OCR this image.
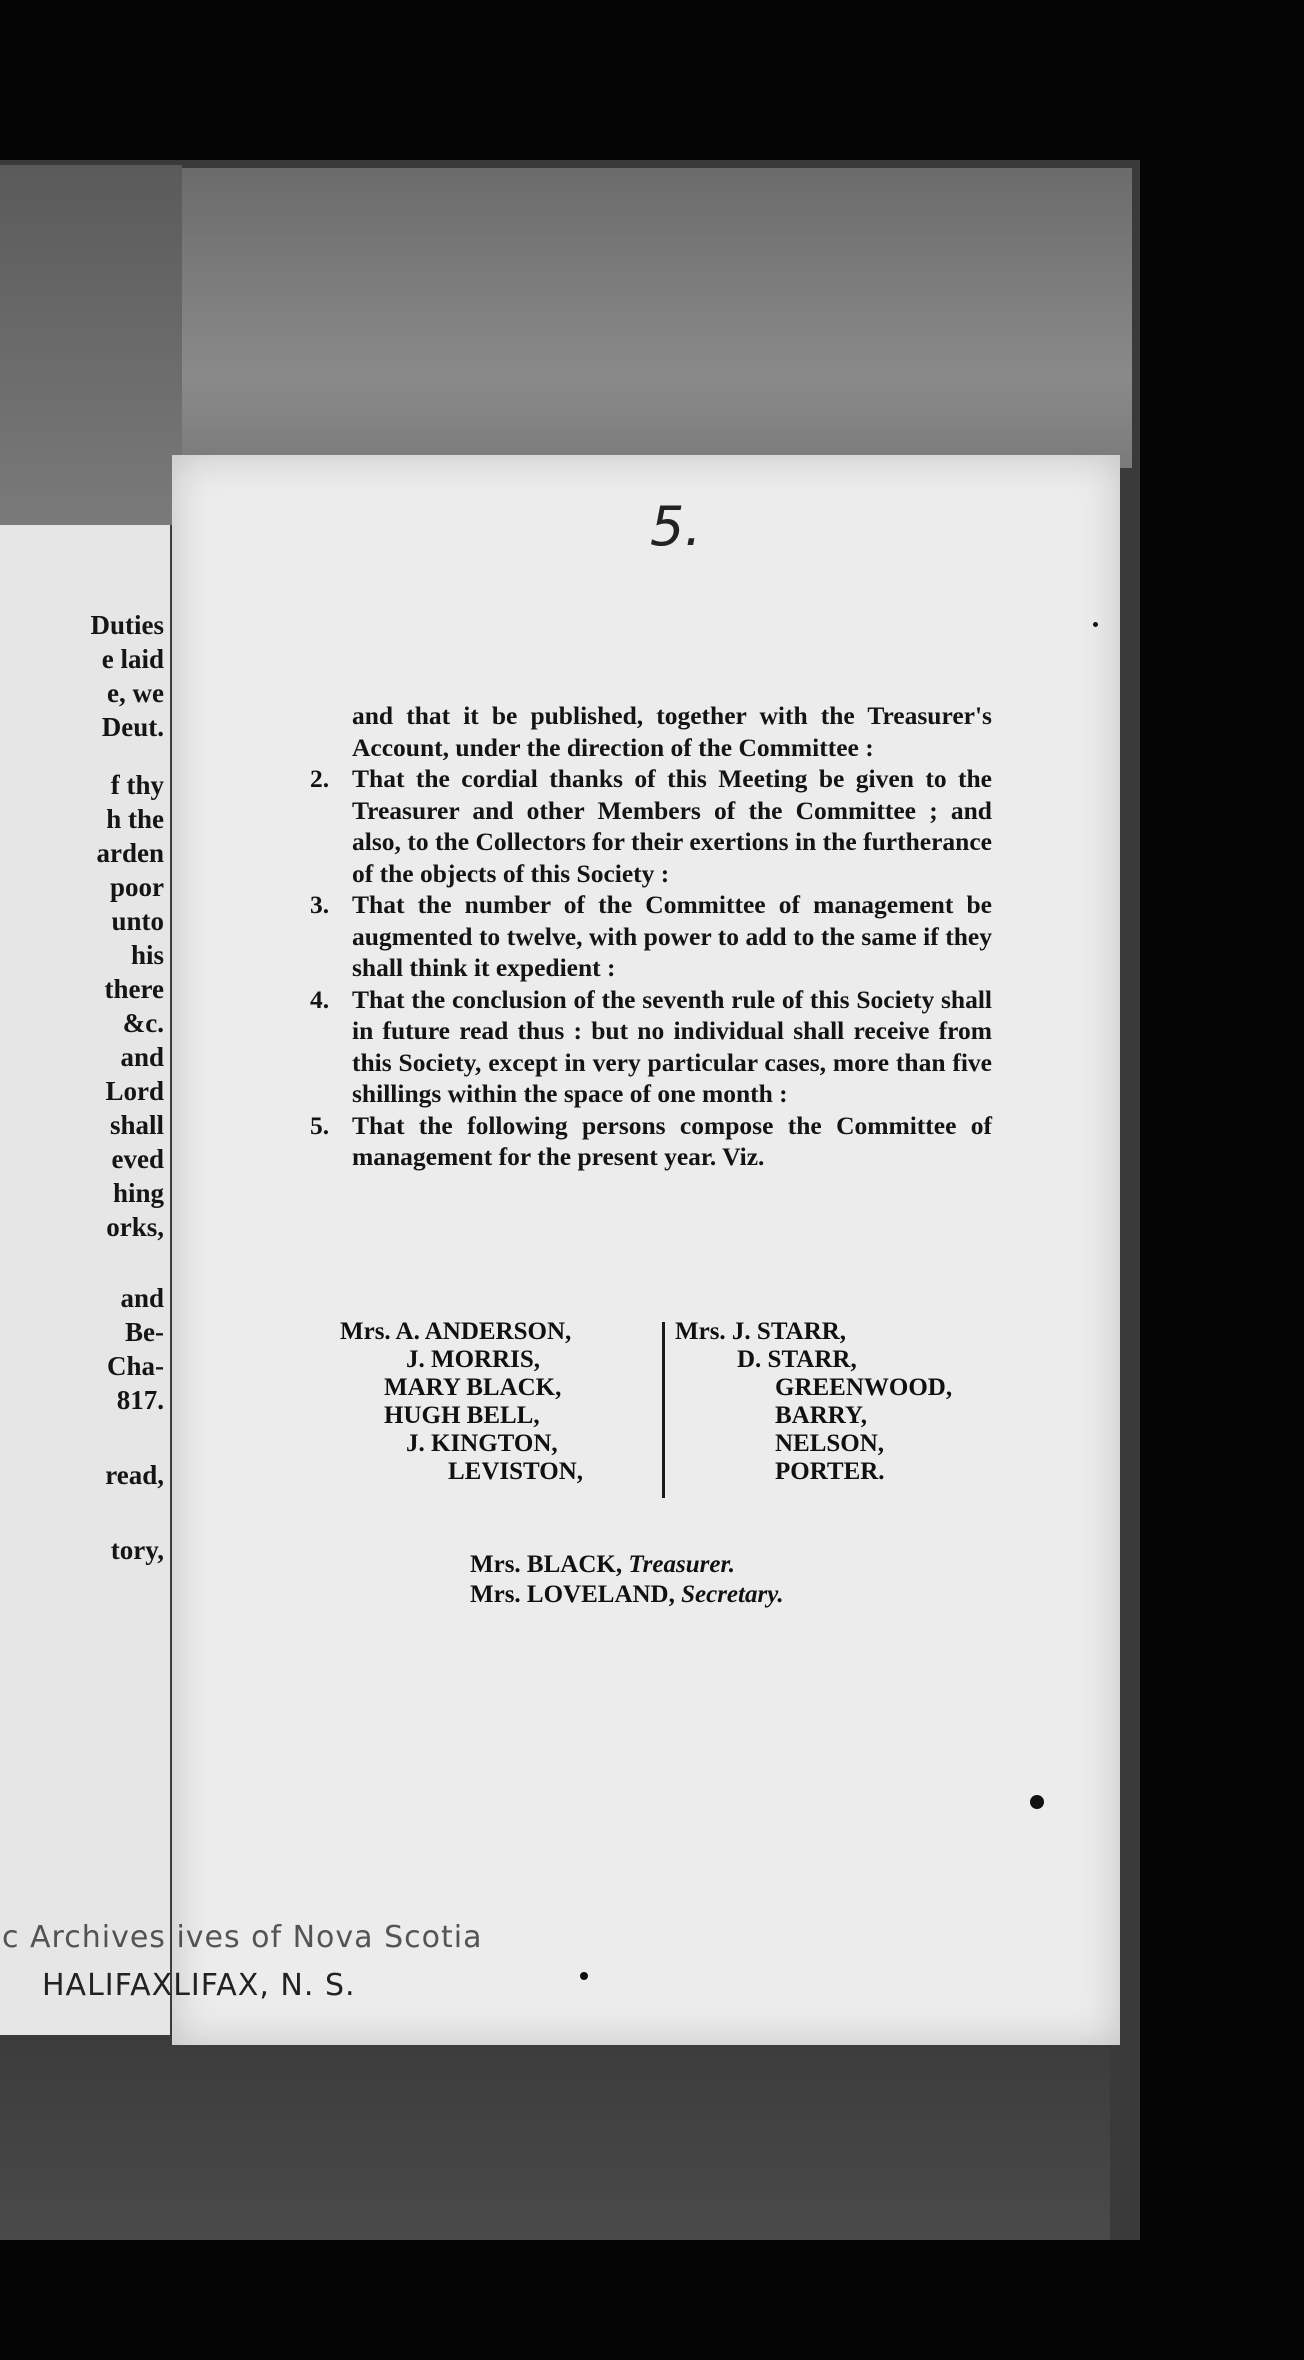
Duties
e laid
e, we
Deut.
f thy
h the
arden
poor
unto
his
there
&c.
and
Lord
shall
eved
hing
orks,
and
Be-
Cha-
817.
read,
tory,
5.

and that it be published, together with the Treasurer's Account, under the direction of the Committee :

2. That the cordial thanks of this Meeting be given to the Treasurer and other Members of the Committee ; and also, to the Collectors for their exertions in the furtherance of the objects of this Society :

3. That the number of the Committee of management be augmented to twelve, with power to add to the same if they shall think it expedient :

4. That the conclusion of the seventh rule of this Society shall in future read thus : but no individual shall receive from this Society, except in very particular cases, more than five shillings within the space of one month :

5. That the following persons compose the Committee of management for the present year. Viz.

Mrs. A. ANDERSON,
J. MORRIS,
MARY BLACK,
HUGH BELL,
J. KINGTON,
LEVISTON,
Mrs. J. STARR,
D. STARR,
GREENWOOD,
BARRY,
NELSON,
PORTER.
Mrs. BLACK, Treasurer.
Mrs. LOVELAND, Secretary.
c Archives ives of Nova Scotia
HALIFAXLIFAX, N. S.
